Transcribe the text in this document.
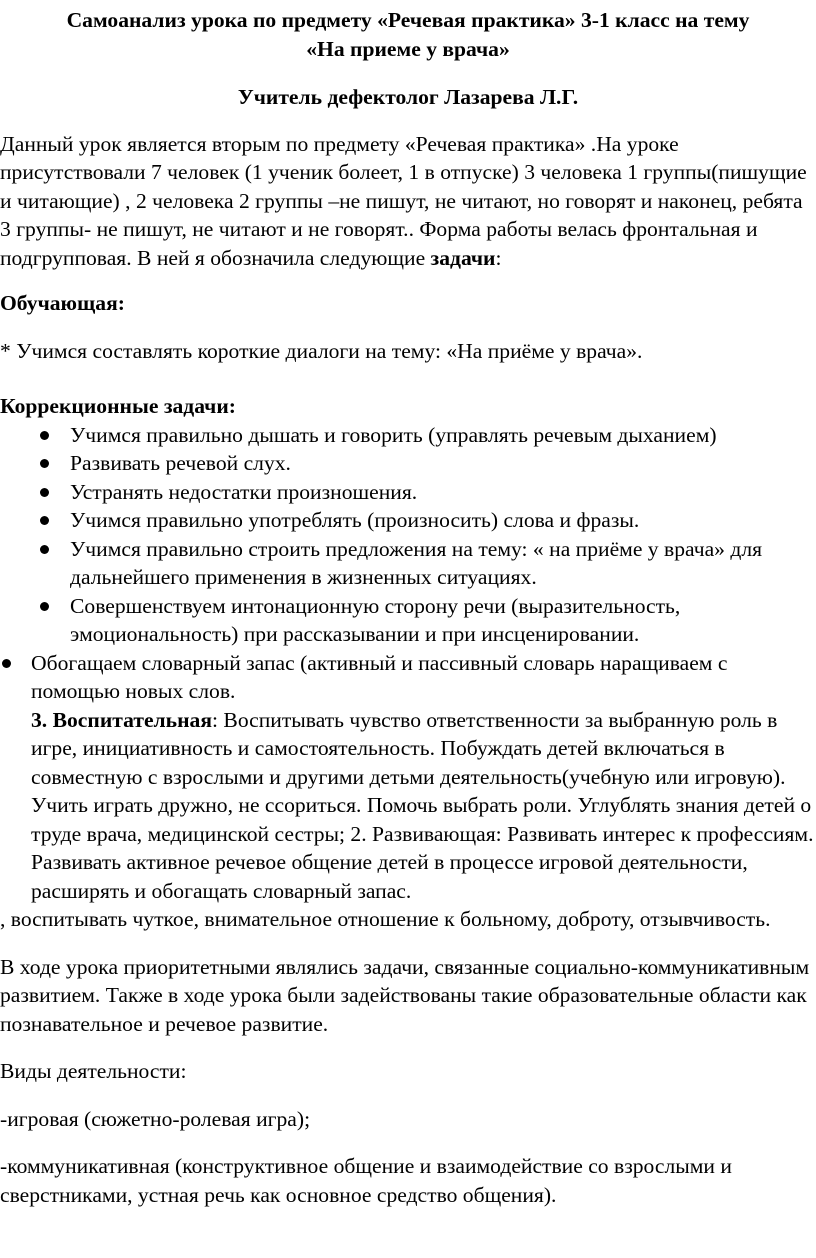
Самоанализ урока по предмету «Речевая практика» 3-1 класс на тему
«На приеме у врача»

Учитель дефектолог Лазарева Л.Г.

Данный урок является вторым по предмету «Речевая практика» .На уроке присутствовали 7 человек (1 ученик болеет, 1 в отпуске) 3 человека 1 группы(пишущие и читающие) , 2 человека 2 группы –не пишут, не читают, но говорят и наконец, ребята 3 группы- не пишут, не читают и не говорят.. Форма работы велась фронтальная и подгрупповая. В ней я обозначила следующие задачи:

Обучающая:

* Учимся составлять короткие диалоги на тему: «На приёме у врача».

Коррекционные задачи:

Учимся правильно дышать и говорить (управлять речевым дыханием)
Развивать речевой слух.
Устранять недостатки произношения.
Учимся правильно употреблять (произносить) слова и фразы.
Учимся правильно строить предложения на тему: « на приёме у врача» для дальнейшего применения в жизненных ситуациях.
Совершенствуем интонационную сторону речи (выразительность, эмоциональность) при рассказывании и при инсценировании.
Обогащаем словарный запас (активный и пассивный словарь наращиваем с помощью новых слов.

3. Воспитательная: Воспитывать чувство ответственности за выбранную роль в игре, инициативность и самостоятельность. Побуждать детей включаться в совместную с взрослыми и другими детьми деятельность(учебную или игровую). Учить играть дружно, не ссориться. Помочь выбрать роли. Углублять знания детей о труде врача, медицинской сестры; 2. Развивающая: Развивать интерес к профессиям. Развивать активное речевое общение детей в процессе игровой деятельности, расширять и обогащать словарный запас.

, воспитывать чуткое, внимательное отношение к больному, доброту, отзывчивость.

В ходе урока приоритетными являлись задачи, связанные социально-коммуникативным развитием. Также в ходе урока были задействованы такие образовательные области как познавательное и речевое развитие.

Виды деятельности:

-игровая (сюжетно-ролевая игра);

-коммуникативная (конструктивное общение и взаимодействие со взрослыми и сверстниками, устная речь как основное средство общения).
